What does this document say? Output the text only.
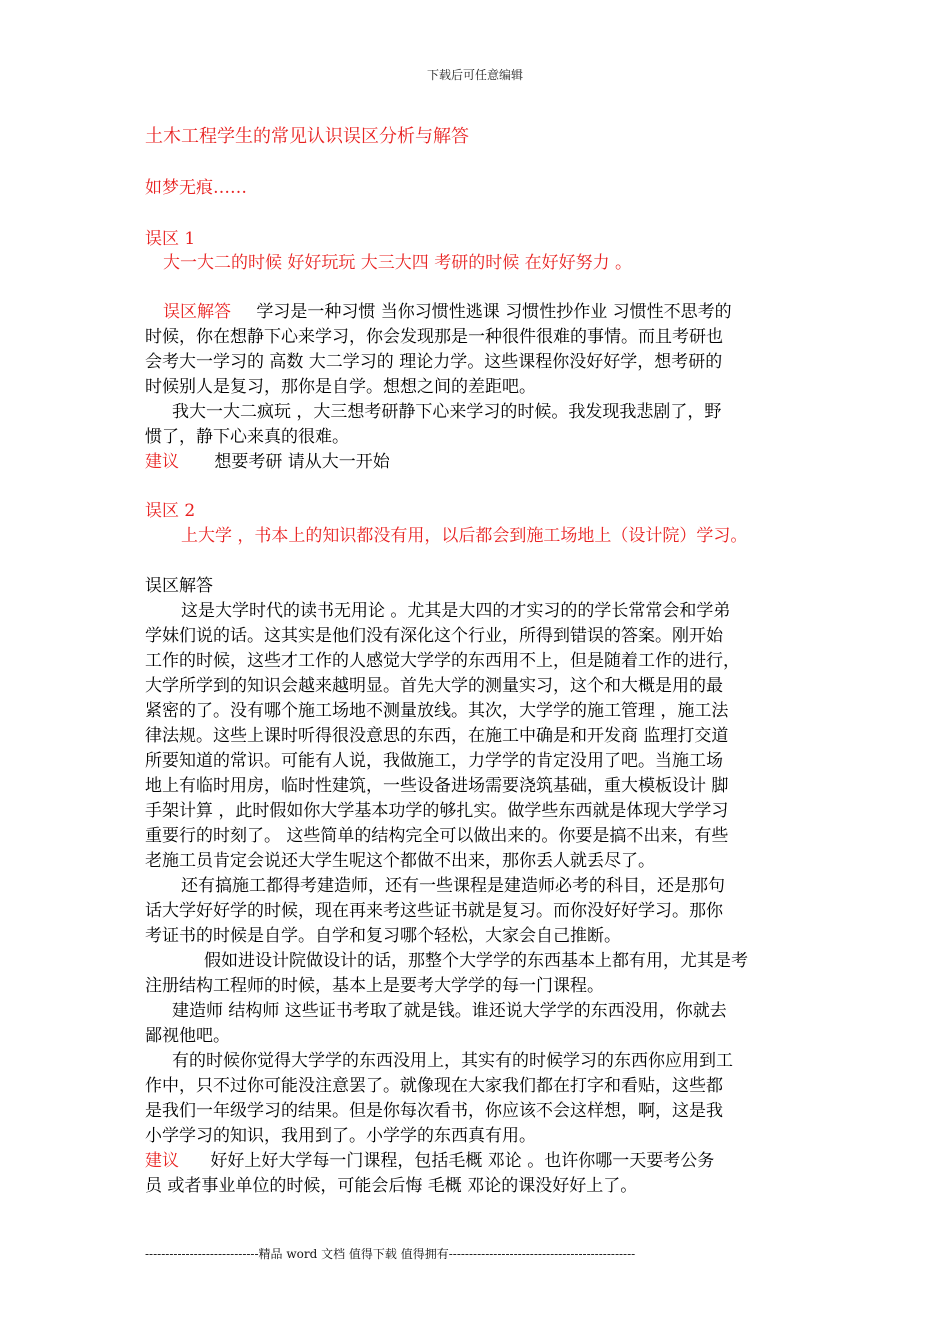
下载后可任意编辑
土木工程学生的常见认识误区分析与解答
如梦无痕……
误区 1
大一大二的时候 好好玩玩 大三大四 考研的时候 在好好努力 。
误区解答 学习是一种习惯 当你习惯性逃课 习惯性抄作业 习惯性不思考的
时候，你在想静下心来学习，你会发现那是一种很件很难的事情。而且考研也
会考大一学习的 高数 大二学习的 理论力学。这些课程你没好好学，想考研的
时候别人是复习，那你是自学。想想之间的差距吧。
我大一大二疯玩 ，大三想考研静下心来学习的时候。我发现我悲剧了，野
惯了，静下心来真的很难。
建议 想要考研 请从大一开始
误区 2
上大学 ，书本上的知识都没有用，以后都会到施工场地上（设计院）学习。
误区解答
这是大学时代的读书无用论 。尤其是大四的才实习的的学长常常会和学弟
学妹们说的话。这其实是他们没有深化这个行业，所得到错误的答案。刚开始
工作的时候，这些才工作的人感觉大学学的东西用不上，但是随着工作的进行，
大学所学到的知识会越来越明显。首先大学的测量实习，这个和大概是用的最
紧密的了。没有哪个施工场地不测量放线。其次，大学学的施工管理 ，施工法
律法规。这些上课时听得很没意思的东西，在施工中确是和开发商 监理打交道
所要知道的常识。可能有人说，我做施工，力学学的肯定没用了吧。当施工场
地上有临时用房，临时性建筑，一些设备进场需要浇筑基础，重大模板设计 脚
手架计算 ，此时假如你大学基本功学的够扎实。做学些东西就是体现大学学习
重要行的时刻了。 这些简单的结构完全可以做出来的。你要是搞不出来，有些
老施工员肯定会说还大学生呢这个都做不出来，那你丢人就丢尽了。
还有搞施工都得考建造师，还有一些课程是建造师必考的科目，还是那句
话大学好好学的时候，现在再来考这些证书就是复习。而你没好好学习。那你
考证书的时候是自学。自学和复习哪个轻松，大家会自己推断。
假如进设计院做设计的话，那整个大学学的东西基本上都有用，尤其是考
注册结构工程师的时候，基本上是要考大学学的每一门课程。
建造师 结构师 这些证书考取了就是钱。谁还说大学学的东西没用，你就去
鄙视他吧。
有的时候你觉得大学学的东西没用上，其实有的时候学习的东西你应用到工
作中，只不过你可能没注意罢了。就像现在大家我们都在打字和看贴，这些都
是我们一年级学习的结果。但是你每次看书，你应该不会这样想，啊，这是我
小学学习的知识，我用到了。小学学的东西真有用。
建议 好好上好大学每一门课程，包括毛概 邓论 。也许你哪一天要考公务
员 或者事业单位的时候，可能会后悔 毛概 邓论的课没好好上了。
----------------------------精品 word 文档 值得下载 值得拥有----------------------------------------------
